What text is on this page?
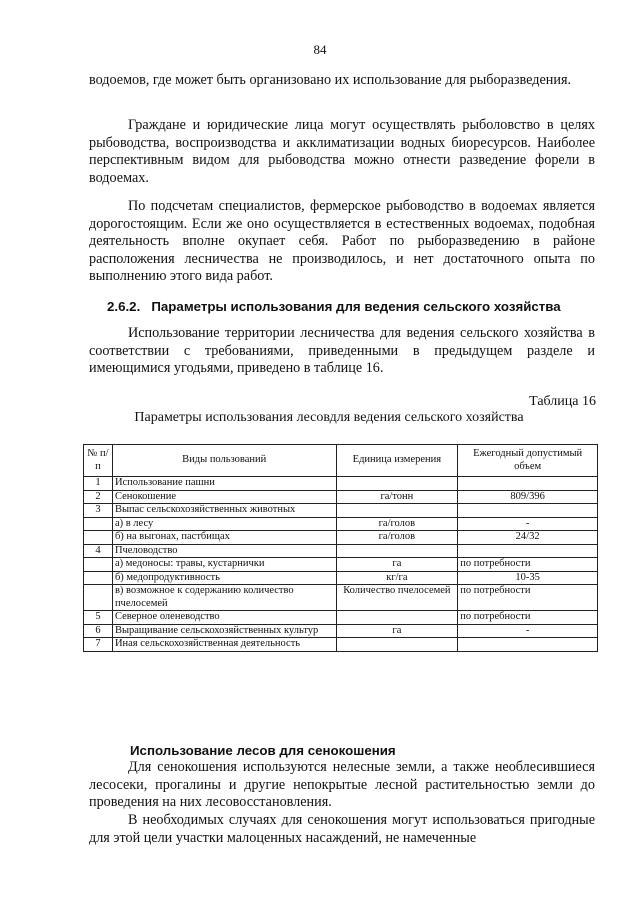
84

водоемов, где может быть организовано их использование для рыборазведения.

Граждане и юридические лица могут осуществлять рыболовство в целях рыбоводства, воспроизводства и акклиматизации водных биоресурсов. Наиболее перспективным видом для рыбоводства можно отнести разведение форели в водоемах.

По подсчетам специалистов, фермерское рыбоводство в водоемах является дорогостоящим. Если же оно осуществляется в естественных водоемах, подобная деятельность вполне окупает себя. Работ по рыборазведению в районе расположения лесничества не производилось, и нет достаточного опыта по выполнению этого вида работ.

2.6.2.   Параметры использования для ведения сельского хозяйства

Использование территории лесничества для ведения сельского хозяйства в соответствии с требованиями, приведенными в предыдущем разделе и имеющимися угодьями, приведено в таблице 16.

Таблица 16
Параметры использования лесовдля ведения сельского хозяйства
№ п/п	Виды пользований	Единица измерения	Ежегодный допустимый объем
1	Использование пашни		
2	Сенокошение	га/тонн	809/396
3	Выпас сельскохозяйственных животных		
	а) в лесу	га/голов	-
	б) на выгонах, пастбищах	га/голов	24/32
4	Пчеловодство		
	а) медоносы: травы, кустарнички	га	по потребности
	б) медопродуктивность	кг/га	10-35
	в) возможное к содержанию количество пчелосемей	Количество пчелосемей	по потребности
5	Северное оленеводство		по потребности
6	Выращивание сельскохозяйственных культур	га	-
7	Иная сельскохозяйственная деятельность		
Использование лесов для сенокошения

Для сенокошения используются нелесные земли, а также необлесившиеся лесосеки, прогалины и другие непокрытые лесной растительностью земли до проведения на них лесовосстановления.

В необходимых случаях для сенокошения могут использоваться пригодные для этой цели участки малоценных насаждений, не намеченные
